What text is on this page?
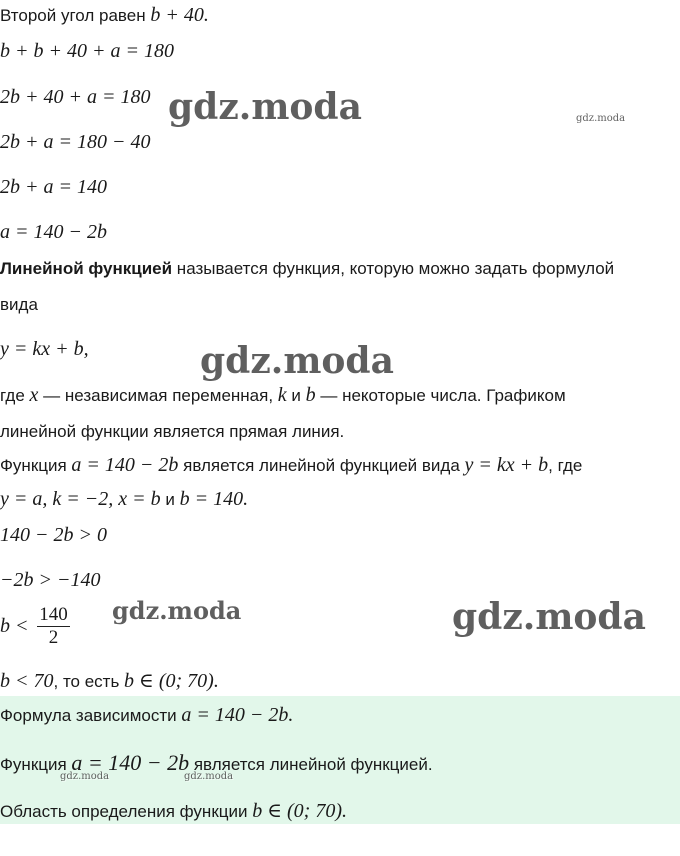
Второй угол равен b + 40.
b + b + 40 + a = 180
2b + 40 + a = 180
2b + a = 180 − 40
2b + a = 140
a = 140 − 2b
Линейной функцией называется функция, которую можно задать формулой
вида
y = kx + b,
где x — независимая переменная, k и b — некоторые числа. Графиком
линейной функции является прямая линия.
Функция a = 140 − 2b является линейной функцией вида y = kx + b, где
y = a, k = −2, x = b и b = 140.
140 − 2b > 0
−2b > −140
$b < \frac{140}{2}$
b < 70, то есть b ∈ (0; 70).
Формула зависимости a = 140 − 2b.
Функция a = 140 − 2b является линейной функцией.
Область определения функции b ∈ (0; 70).
gdz.moda	gdz.moda
gdz.moda
gdz.moda	gdz.moda
gdz.moda	gdz.moda
